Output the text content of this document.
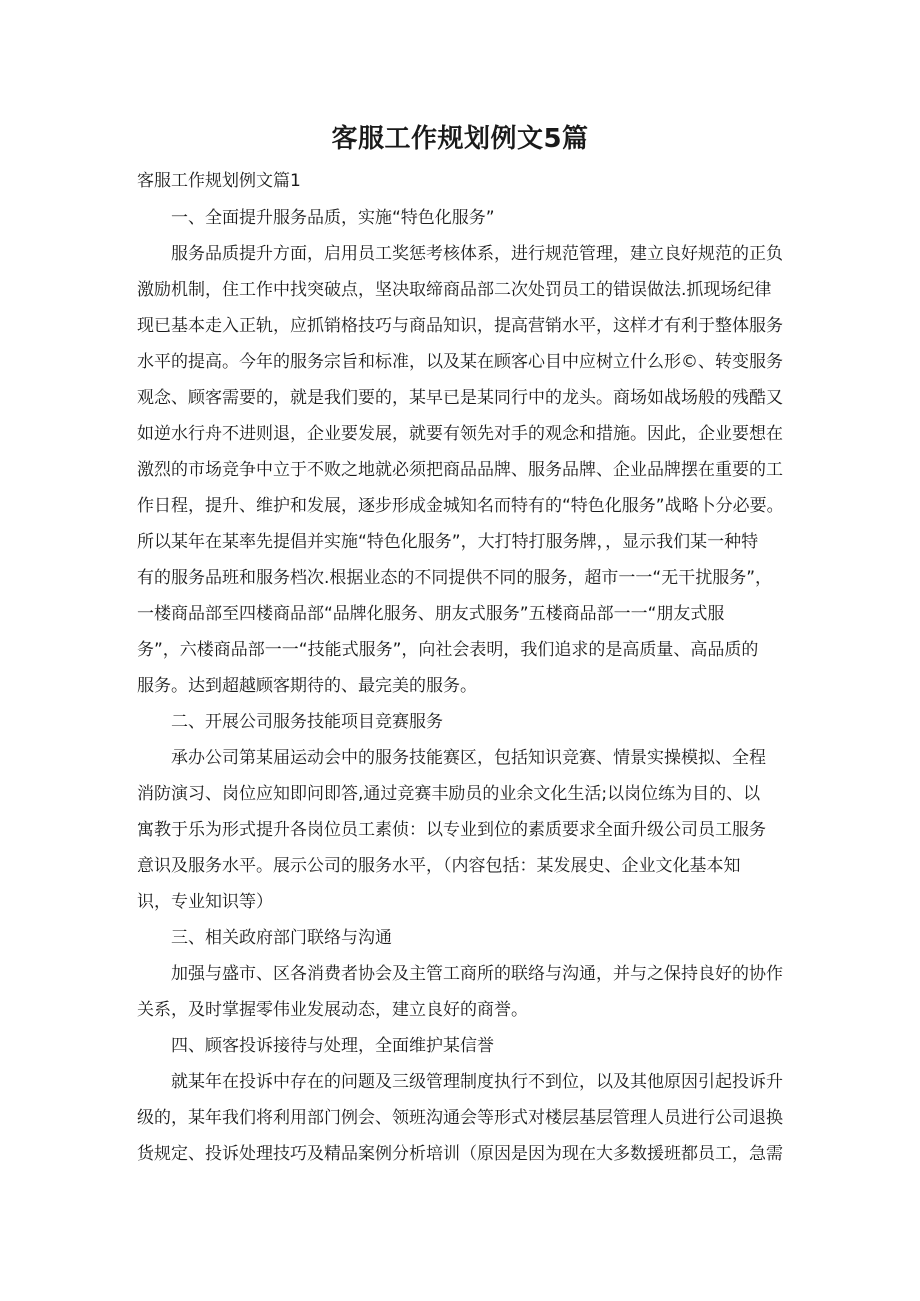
客服工作规划例文5篇
客服工作规划例文篇1
一、全面提升服务品质，实施“特色化服务”
服务品质提升方面，启用员工奖惩考核体系，进行规范管理，建立良好规范的正负
激励机制，住工作中找突破点，坚决取缔商品部二次处罚员工的错误做法.抓现场纪律
现已基本走入正轨，应抓销格技巧与商品知识，提高营销水平，这样才有利于整体服务
水平的提高。今年的服务宗旨和标准，以及某在顾客心目中应树立什么形©、转变服务
观念、顾客需要的，就是我们要的，某早已是某同行中的龙头。商场如战场般的残酷又
如逆水行舟不进则退，企业要发展，就要有领先对手的观念和措施。因此，企业要想在
激烈的市场竞争中立于不败之地就必须把商品品牌、服务品牌、企业品牌摆在重要的工
作日程，提升、维护和发展，逐步形成金城知名而特有的“特色化服务”战略卜分必要。
所以某年在某率先提倡并实施“特色化服务”，大打特打服务牌，，显示我们某一种特
有的服务品班和服务档次.根据业态的不同提供不同的服务，超市一一“无干扰服务”，
一楼商品部至四楼商品部“品牌化服务、朋友式服务”五楼商品部一一“朋友式服
务”，六楼商品部一一“技能式服务”，向社会表明，我们追求的是高质量、高品质的
服务。达到超越顾客期待的、最完美的服务。
二、开展公司服务技能项目竞赛服务
承办公司第某届运动会中的服务技能赛区，包括知识竞赛、情景实操模拟、全程
消防演习、岗位应知即问即答,通过竞赛丰励员的业余文化生活;以岗位练为目的、以
寓教于乐为形式提升各岗位员工素侦：以专业到位的素质要求全面升级公司员工服务
意识及服务水平。展示公司的服务水平，（内容包括：某发展史、企业文化基本知
识，专业知识等）
三、相关政府部门联络与沟通
加强与盛市、区各消费者协会及主管工商所的联络与沟通，并与之保持良好的协作
关系，及时掌握零伟业发展动态，建立良好的商誉。
四、顾客投诉接待与处理，全面维护某信誉
就某年在投诉中存在的问题及三级管理制度执行不到位，以及其他原因引起投诉升
级的，某年我们将利用部门例会、领班沟通会等形式对楼层基层管理人员进行公司退换
货规定、投诉处理技巧及精品案例分析培训（原因是因为现在大多数援班都员工，急需
